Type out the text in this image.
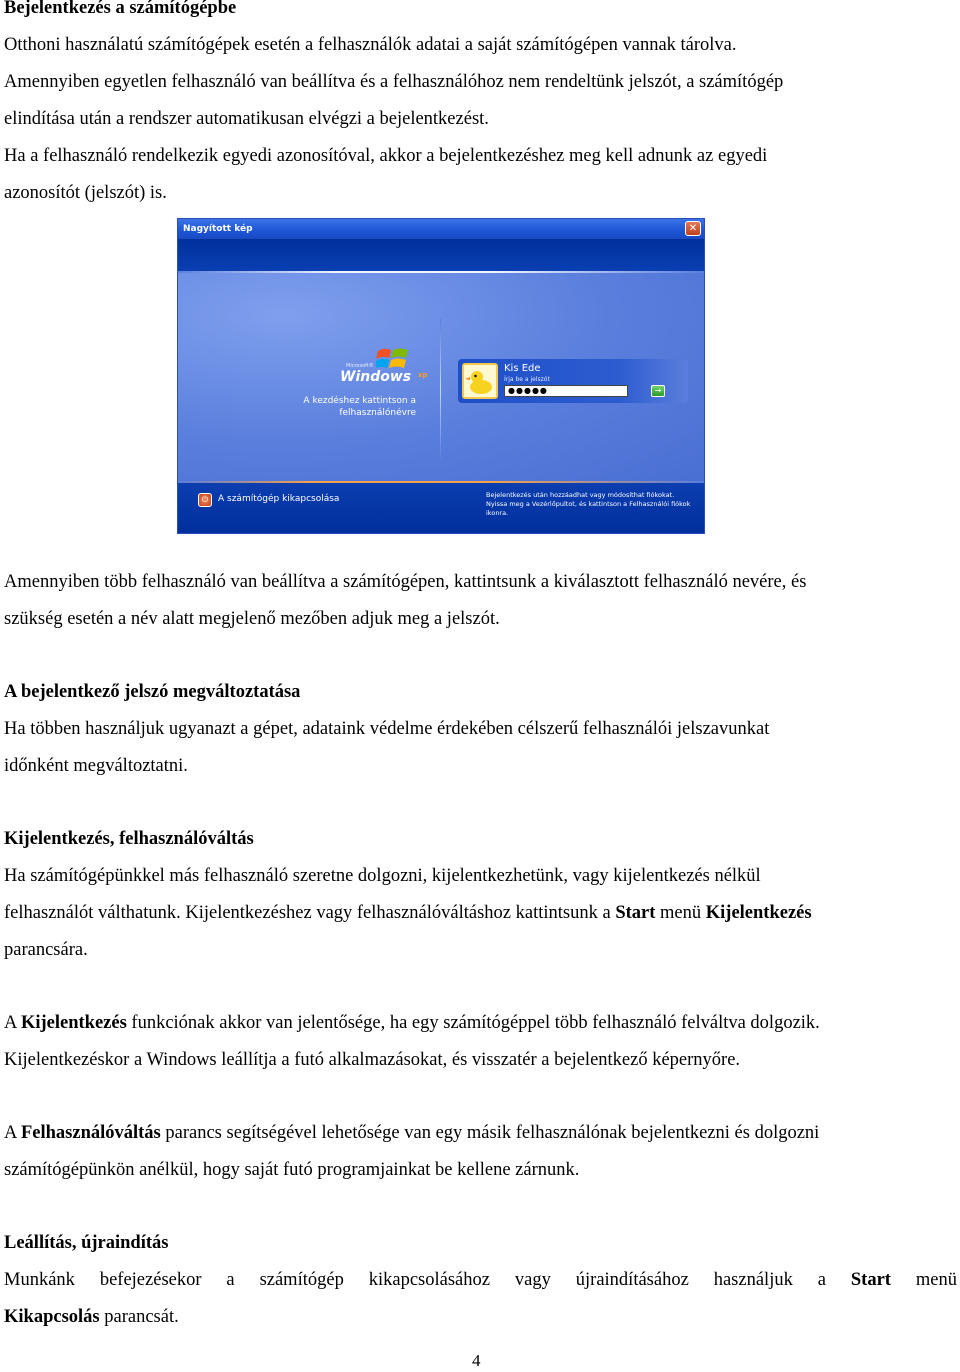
Bejelentkezés a számítógépbe

Otthoni használatú számítógépek esetén a felhasználók adatai a saját számítógépen vannak tárolva.

Amennyiben egyetlen felhasználó van beállítva és a felhasználóhoz nem rendeltünk jelszót, a számítógép

elindítása után a rendszer automatikusan elvégzi a bejelentkezést.

Ha a felhasználó rendelkezik egyedi azonosítóval, akkor a bejelentkezéshez meg kell adnunk az egyedi

azonosítót (jelszót) is.

Nagyított kép	✕
Microsoft®
Windows xp
A kezdéshez kattintson a
felhasználónévre
Kis Ede
Írja be a jelszót
●●●●●	HU	→
⏻	A számítógép kikapcsolása	Bejelentkezés után hozzáadhat vagy módosíthat fiókokat. Nyissa meg a Vezérlőpultot, és kattintson a Felhasználói fiókok ikonra.

Amennyiben több felhasználó van beállítva a számítógépen, kattintsunk a kiválasztott felhasználó nevére, és

szükség esetén a név alatt megjelenő mezőben adjuk meg a jelszót.

A bejelentkező jelszó megváltoztatása

Ha többen használjuk ugyanazt a gépet, adataink védelme érdekében célszerű felhasználói jelszavunkat

időnként megváltoztatni.

Kijelentkezés, felhasználóváltás

Ha számítógépünkkel más felhasználó szeretne dolgozni, kijelentkezhetünk, vagy kijelentkezés nélkül

felhasználót válthatunk. Kijelentkezéshez vagy felhasználóváltáshoz kattintsunk a Start menü Kijelentkezés

parancsára.

A Kijelentkezés funkciónak akkor van jelentősége, ha egy számítógéppel több felhasználó felváltva dolgozik.

Kijelentkezéskor a Windows leállítja a futó alkalmazásokat, és visszatér a bejelentkező képernyőre.

A Felhasználóváltás parancs segítségével lehetősége van egy másik felhasználónak bejelentkezni és dolgozni

számítógépünkön anélkül, hogy saját futó programjainkat be kellene zárnunk.

Leállítás, újraindítás

Munkánk befejezésekor a számítógép kikapcsolásához vagy újraindításához használjuk a Start menü

Kikapcsolás parancsát.

4
